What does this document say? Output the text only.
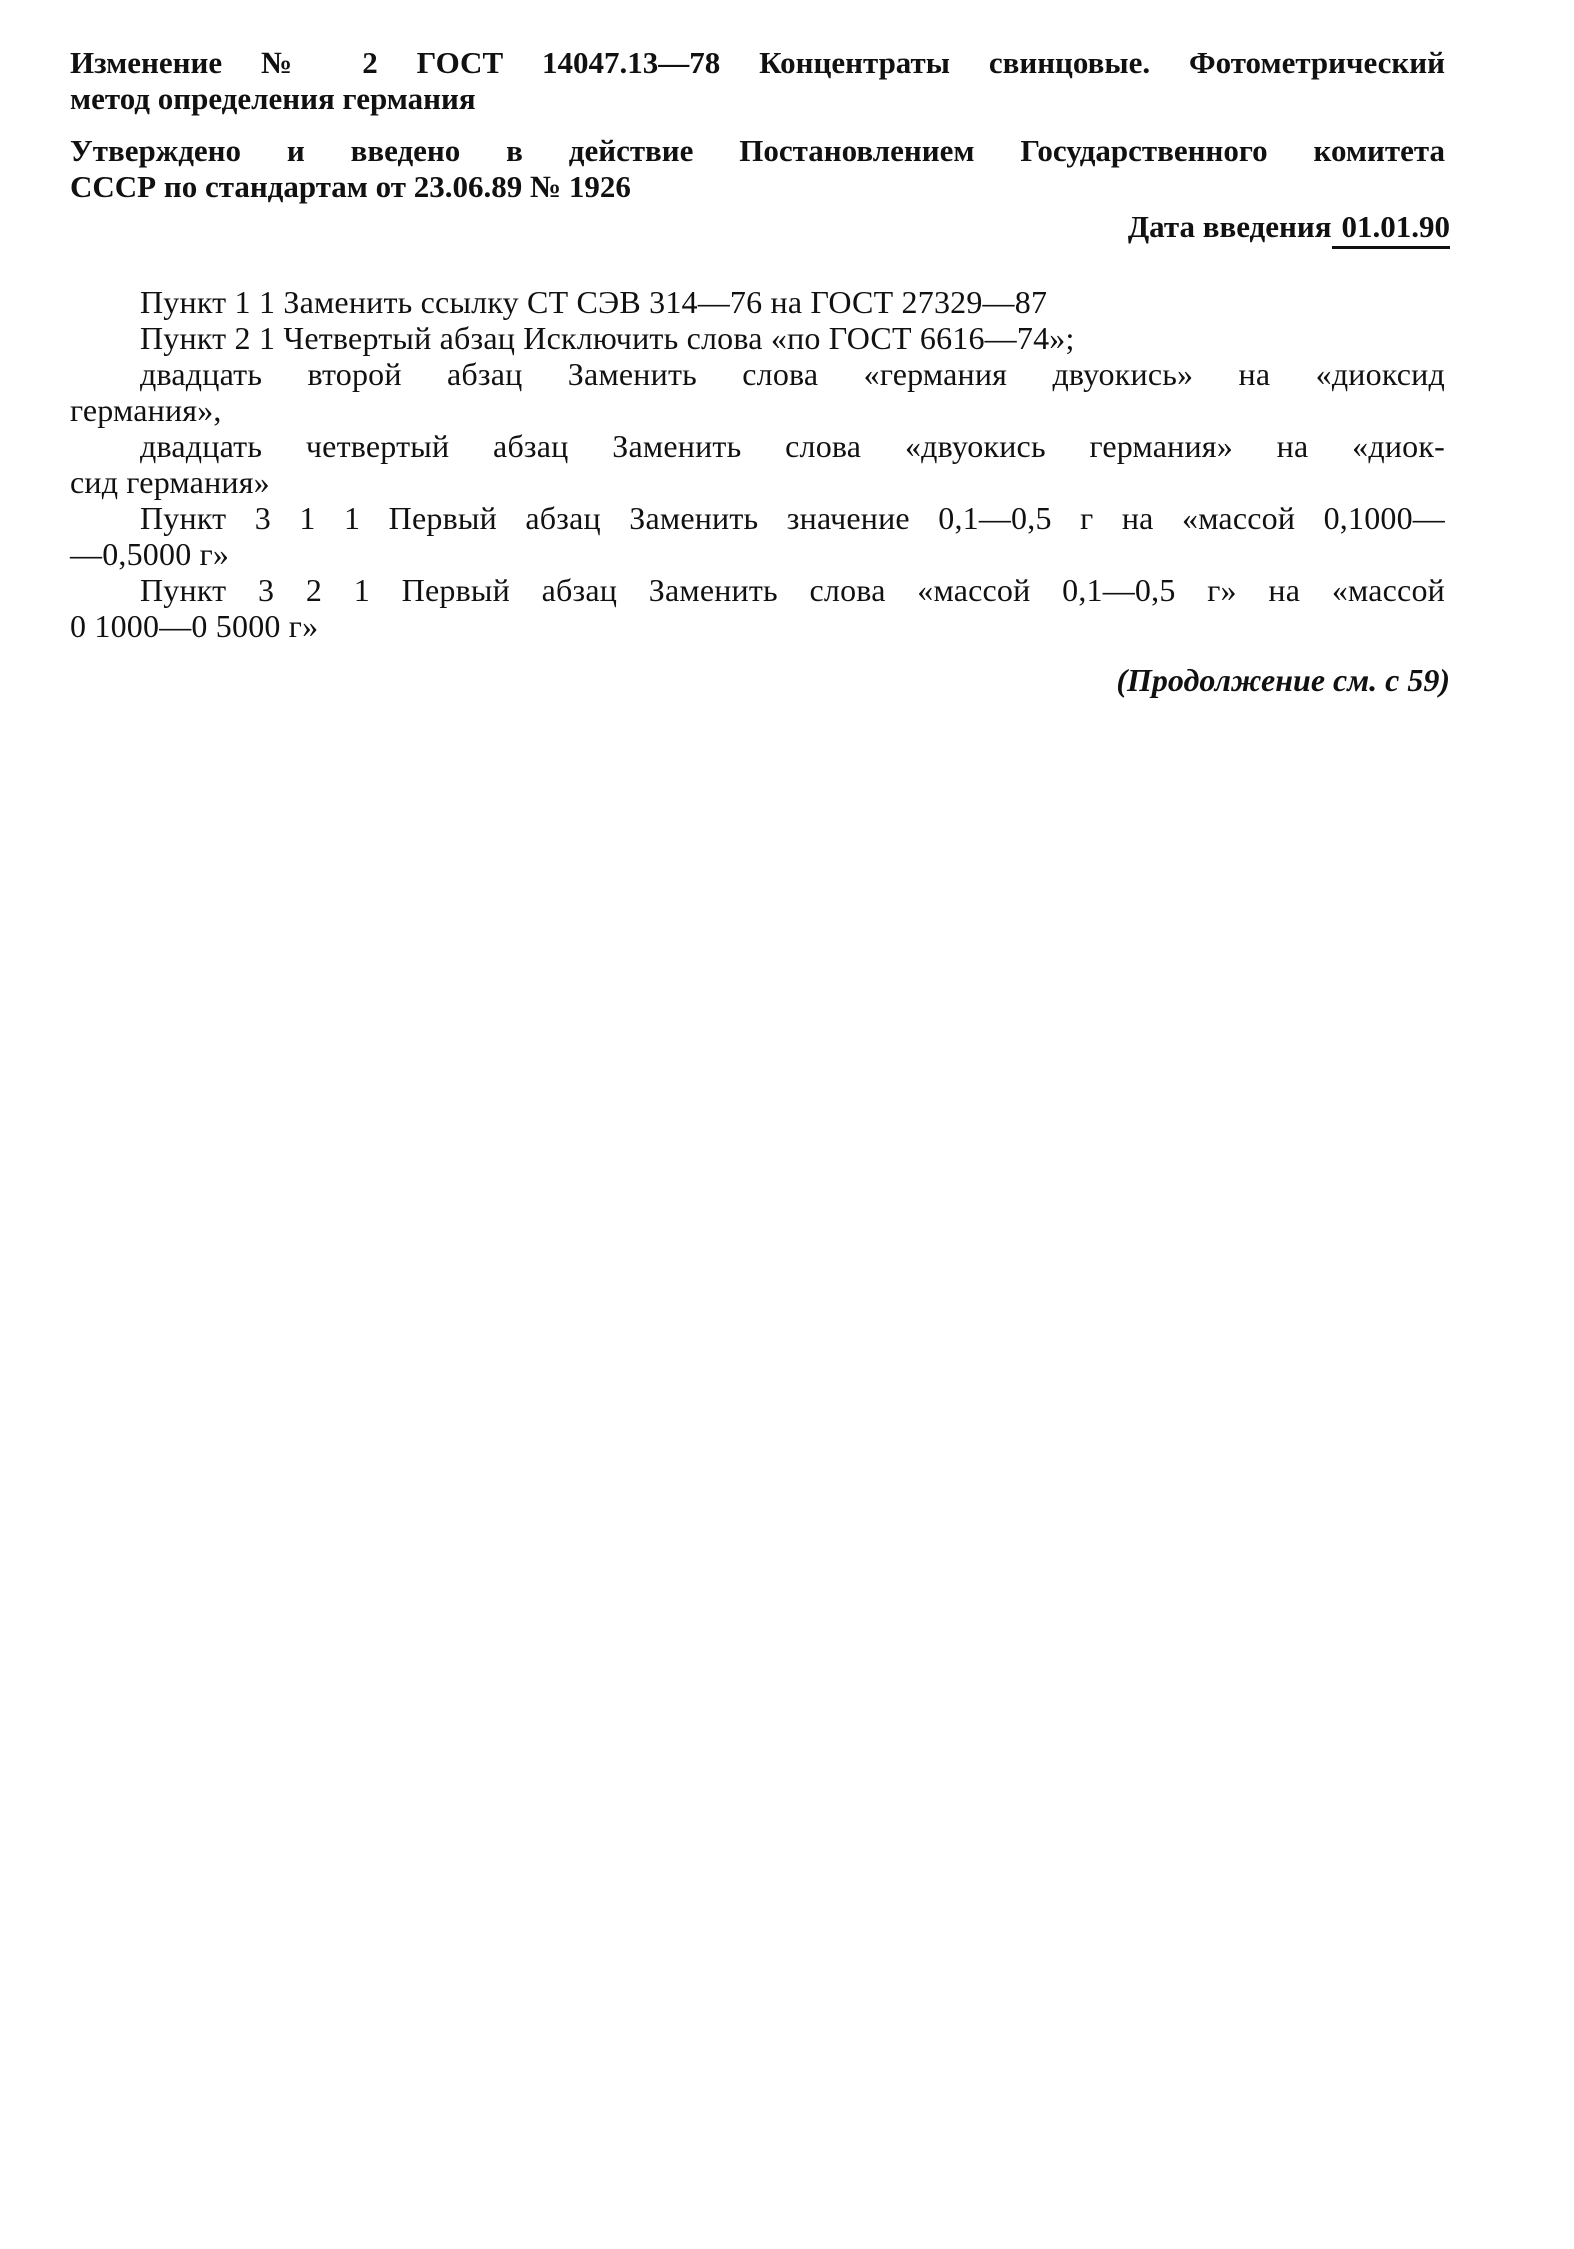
Изменение № 2 ГОСТ 14047.13—78 Концентраты свинцовые. Фотометрический
метод определения германия
Утверждено и введено в действие Постановлением Государственного комитета
СССР по стандартам от 23.06.89 № 1926
Дата введения 01.01.90
Пункт 1 1 Заменить ссылку СТ СЭВ 314—76 на ГОСТ 27329—87
Пункт 2 1 Четвертый абзац Исключить слова «по ГОСТ 6616—74»;
двадцать второй абзац Заменить слова «германия двуокись» на «диоксид
германия»,
двадцать четвертый абзац Заменить слова «двуокись германия» на «диок-
сид германия»
Пункт 3 1 1 Первый абзац Заменить значение 0,1—0,5 г на «массой 0,1000—
—0,5000 г»
Пункт 3 2 1 Первый абзац Заменить слова «массой 0,1—0,5 г» на «массой
0 1000—0 5000 г»
(Продолжение см. с 59)
